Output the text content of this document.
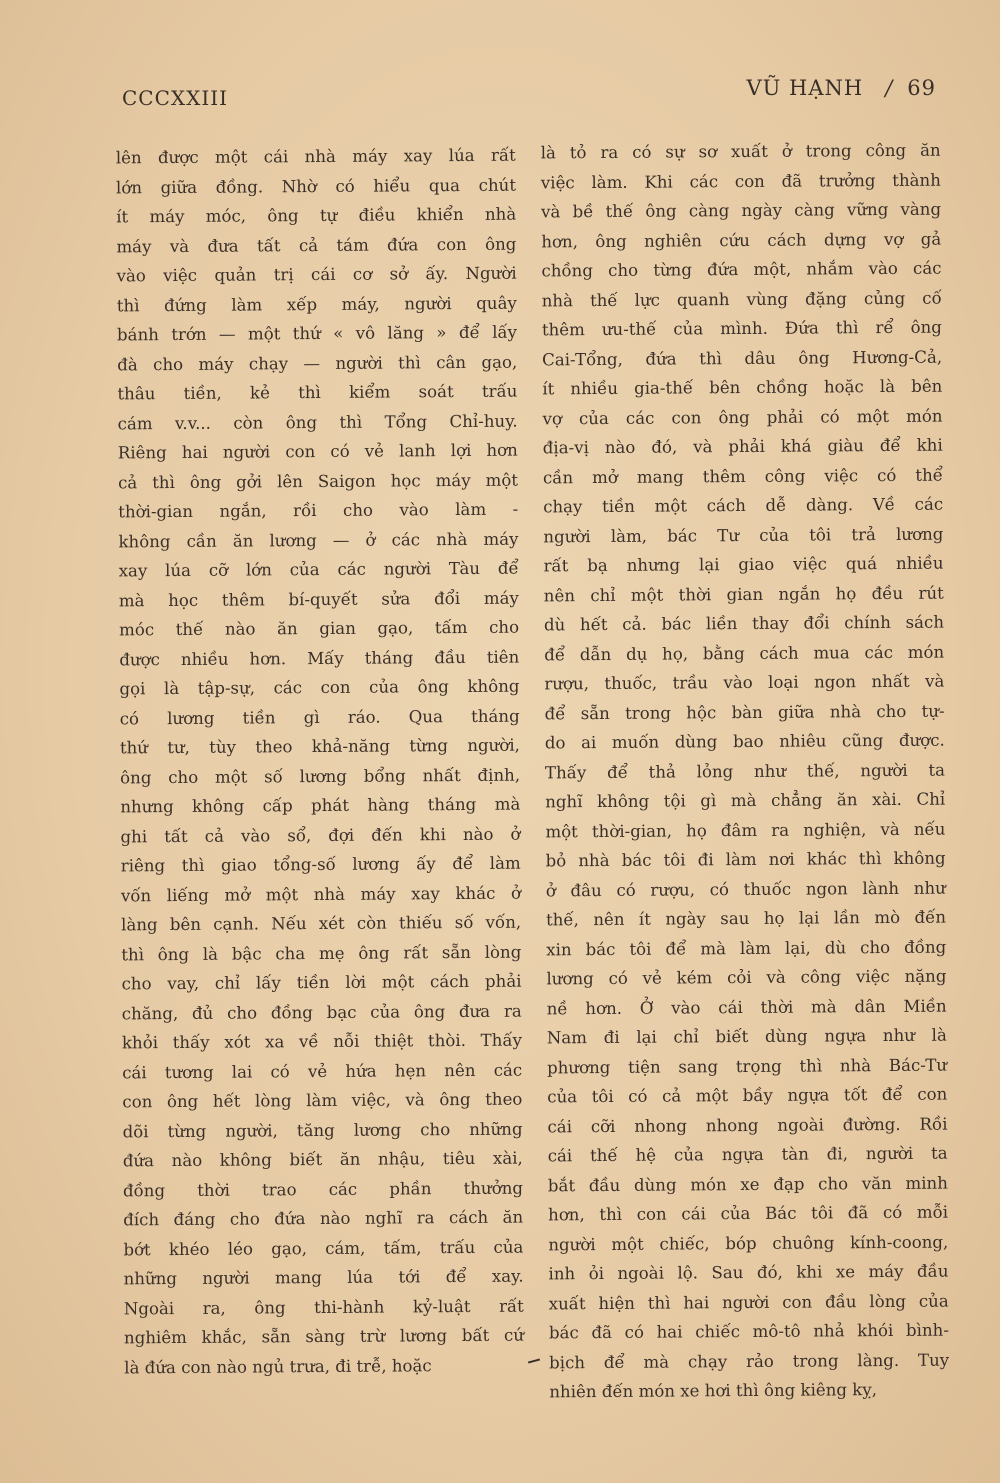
CCCXXIII	VŨ HẠNH / 69
lên được một cái nhà máy xay lúa rất
lớn giữa đồng. Nhờ có hiểu qua chút
ít máy móc, ông tự điều khiển nhà
máy và đưa tất cả tám đứa con ông
vào việc quản trị cái cơ sở ấy. Người
thì đứng làm xếp máy, người quây
bánh trớn — một thứ « vô lăng » để lấy
đà cho máy chạy — người thì cân gạo,
thâu tiền, kẻ thì kiểm soát trấu
cám v.v... còn ông thì Tổng Chỉ-huy.
Riêng hai người con có vẻ lanh lợi hơn
cả thì ông gởi lên Saigon học máy một
thời-gian ngắn, rồi cho vào làm -
không cần ăn lương — ở các nhà máy
xay lúa cỡ lớn của các người Tàu để
mà học thêm bí-quyết sửa đổi máy
móc thế nào ăn gian gạo, tấm cho
được nhiều hơn. Mấy tháng đầu tiên
gọi là tập-sự, các con của ông không
có lương tiền gì ráo. Qua tháng
thứ tư, tùy theo khả-năng từng người,
ông cho một số lương bổng nhất định,
nhưng không cấp phát hàng tháng mà
ghi tất cả vào sổ, đợi đến khi nào ở
riêng thì giao tổng-số lương ấy để làm
vốn liếng mở một nhà máy xay khác ở
làng bên cạnh. Nếu xét còn thiếu số vốn,
thì ông là bậc cha mẹ ông rất sẵn lòng
cho vay, chỉ lấy tiền lời một cách phải
chăng, đủ cho đồng bạc của ông đưa ra
khỏi thấy xót xa về nỗi thiệt thòi. Thấy
cái tương lai có vẻ hứa hẹn nên các
con ông hết lòng làm việc, và ông theo
dõi từng người, tăng lương cho những
đứa nào không biết ăn nhậu, tiêu xài,
đồng thời trao các phần thưởng
đích đáng cho đứa nào nghĩ ra cách ăn
bớt khéo léo gạo, cám, tấm, trấu của
những người mang lúa tới để xay.
Ngoài ra, ông thi-hành kỷ-luật rất
nghiêm khắc, sẵn sàng trừ lương bất cứ
là đứa con nào ngủ trưa, đi trễ, hoặc
là tỏ ra có sự sơ xuất ở trong công ăn
việc làm. Khi các con đã trưởng thành
và bề thế ông càng ngày càng vững vàng
hơn, ông nghiên cứu cách dựng vợ gả
chồng cho từng đứa một, nhắm vào các
nhà thế lực quanh vùng đặng củng cố
thêm ưu-thế của mình. Đứa thì rể ông
Cai-Tổng, đứa thì dâu ông Hương-Cả,
ít nhiều gia-thế bên chồng hoặc là bên
vợ của các con ông phải có một món
địa-vị nào đó, và phải khá giàu để khi
cần mở mang thêm công việc có thể
chạy tiền một cách dễ dàng. Về các
người làm, bác Tư của tôi trả lương
rất bạ nhưng lại giao việc quá nhiều
nên chỉ một thời gian ngắn họ đều rút
dù hết cả. bác liền thay đổi chính sách
để dẫn dụ họ, bằng cách mua các món
rượu, thuốc, trầu vào loại ngon nhất và
để sẵn trong hộc bàn giữa nhà cho tự-
do ai muốn dùng bao nhiêu cũng được.
Thấy để thả lỏng như thế, người ta
nghĩ không tội gì mà chẳng ăn xài. Chỉ
một thời-gian, họ đâm ra nghiện, và nếu
bỏ nhà bác tôi đi làm nơi khác thì không
ở đâu có rượu, có thuốc ngon lành như
thế, nên ít ngày sau họ lại lần mò đến
xin bác tôi để mà làm lại, dù cho đồng
lương có vẻ kém cỏi và công việc nặng
nề hơn. Ở vào cái thời mà dân Miền
Nam đi lại chỉ biết dùng ngựa như là
phương tiện sang trọng thì nhà Bác-Tư
của tôi có cả một bầy ngựa tốt để con
cái cỡi nhong nhong ngoài đường. Rồi
cái thế hệ của ngựa tàn đi, người ta
bắt đầu dùng món xe đạp cho văn minh
hơn, thì con cái của Bác tôi đã có mỗi
người một chiếc, bóp chuông kính-coong,
inh ỏi ngoài lộ. Sau đó, khi xe máy đầu
xuất hiện thì hai người con đầu lòng của
bác đã có hai chiếc mô-tô nhả khói bình-
bịch để mà chạy rảo trong làng. Tuy
nhiên đến món xe hơi thì ông kiêng kỵ,
